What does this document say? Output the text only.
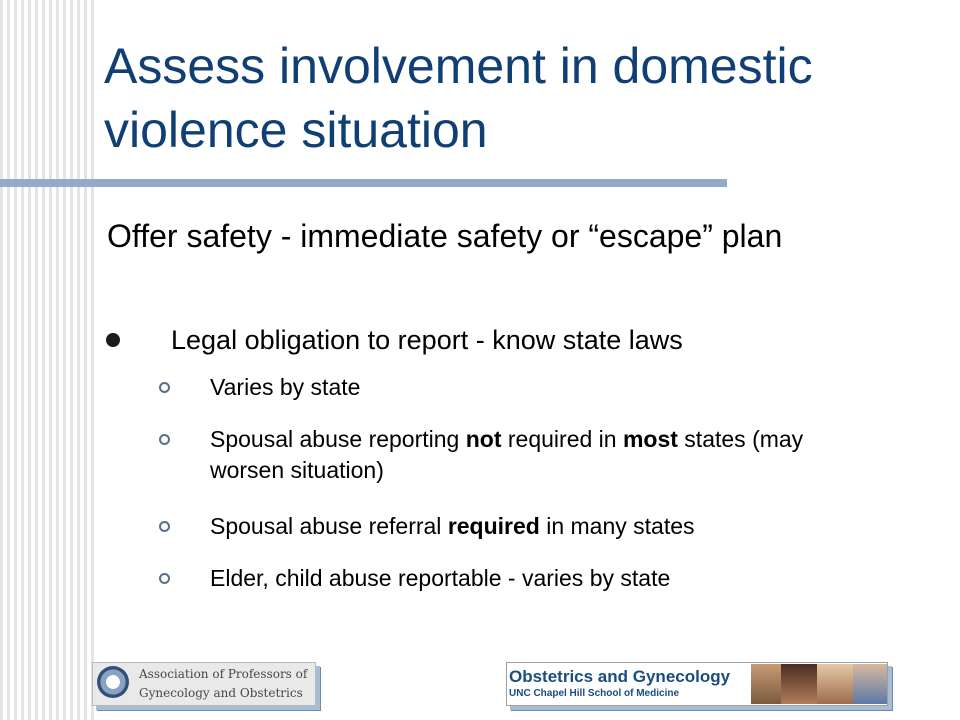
Assess involvement in domestic violence situation

Offer safety - immediate safety or “escape” plan

Legal obligation to report - know state laws
Varies by state
Spousal abuse reporting not required in most states (may worsen situation)
Spousal abuse referral required in many states
Elder, child abuse reportable - varies by state
Association of Professors of
Gynecology and Obstetrics
Obstetrics and Gynecology
UNC Chapel Hill School of Medicine
